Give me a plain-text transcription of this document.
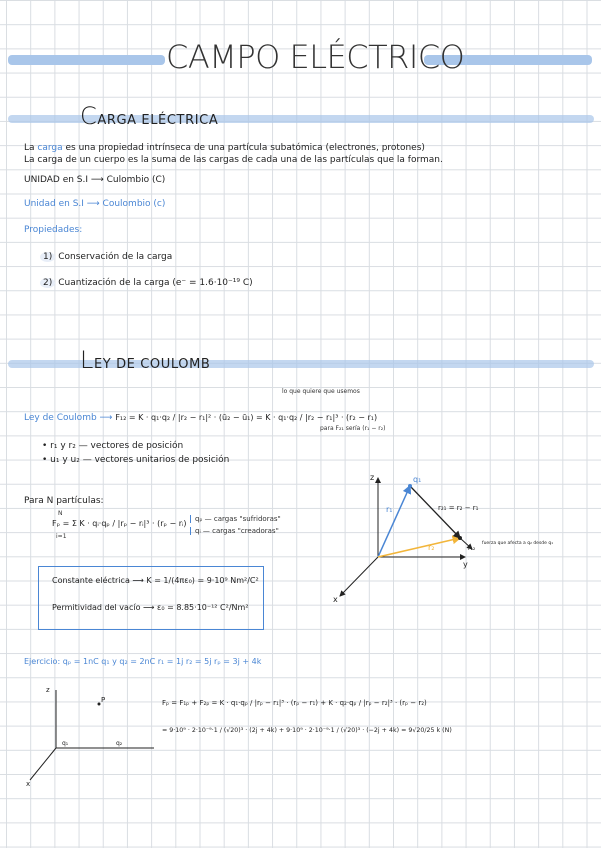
CAMPO ELÉCTRICO
CARGA ELÉCTRICA
La carga es una propiedad intrínseca de una partícula subatómica (electrones, protones)
La carga de un cuerpo es la suma de las cargas de cada una de las partículas que la forman.
UNIDAD en S.I ⟶ Culombio (C)
Unidad en S.I ⟶ Coulombio (c)
Propiedades:
1) Conservación de la carga
2) Cuantización de la carga (e⁻ = 1.6·10⁻¹⁹ C)
LEY DE COULOMB
lo que quiere que usemos
Ley de Coulomb ⟶ F₁₂ = K · q₁·q₂ / |r₂ − r₁|² · (ū₂ − ū₁) = K · q₁·q₂ / |r₂ − r₁|³ · (r₂ − r₁)
para F₂₁ sería (r₁ − r₂)
• r₁ y r₂ — vectores de posición
• u₁ y u₂ — vectores unitarios de posición
Para N partículas:
N
i=1
Fₚ = Σ K · qᵢ·qₚ / |rₚ − rᵢ|³ · (rₚ − rᵢ)	qₚ — cargas "sufridoras"
qᵢ — cargas "creadoras"
Constante eléctrica ⟶ K = 1/(4πε₀) = 9·10⁹ Nm²/C²
Permitividad del vacío ⟶ ε₀ = 8.85·10⁻¹² C²/Nm²
z
y
x
q₁
r₁
r₂
r₂₁ = r₂ − r₁
r₁₂
fuerza que afecta a q₂ desde q₁
Ejercicio: qₚ = 1nC q₁ y q₂ = 2nC r₁ = 1j r₂ = 5j rₚ = 3j + 4k
Fₚ = F₁ₚ + F₂ₚ = K · q₁·qₚ / |rₚ − r₁|³ · (rₚ − r₁) + K · q₂·qₚ / |rₚ − r₂|³ · (rₚ − r₂)
= 9·10⁹ · 2·10⁻⁹·1 / (√20)³ · (2j + 4k) + 9·10⁹ · 2·10⁻⁹·1 / (√20)³ · (−2j + 4k) = 9√20/25 k (N)
z
x
P
q₁	q₂
